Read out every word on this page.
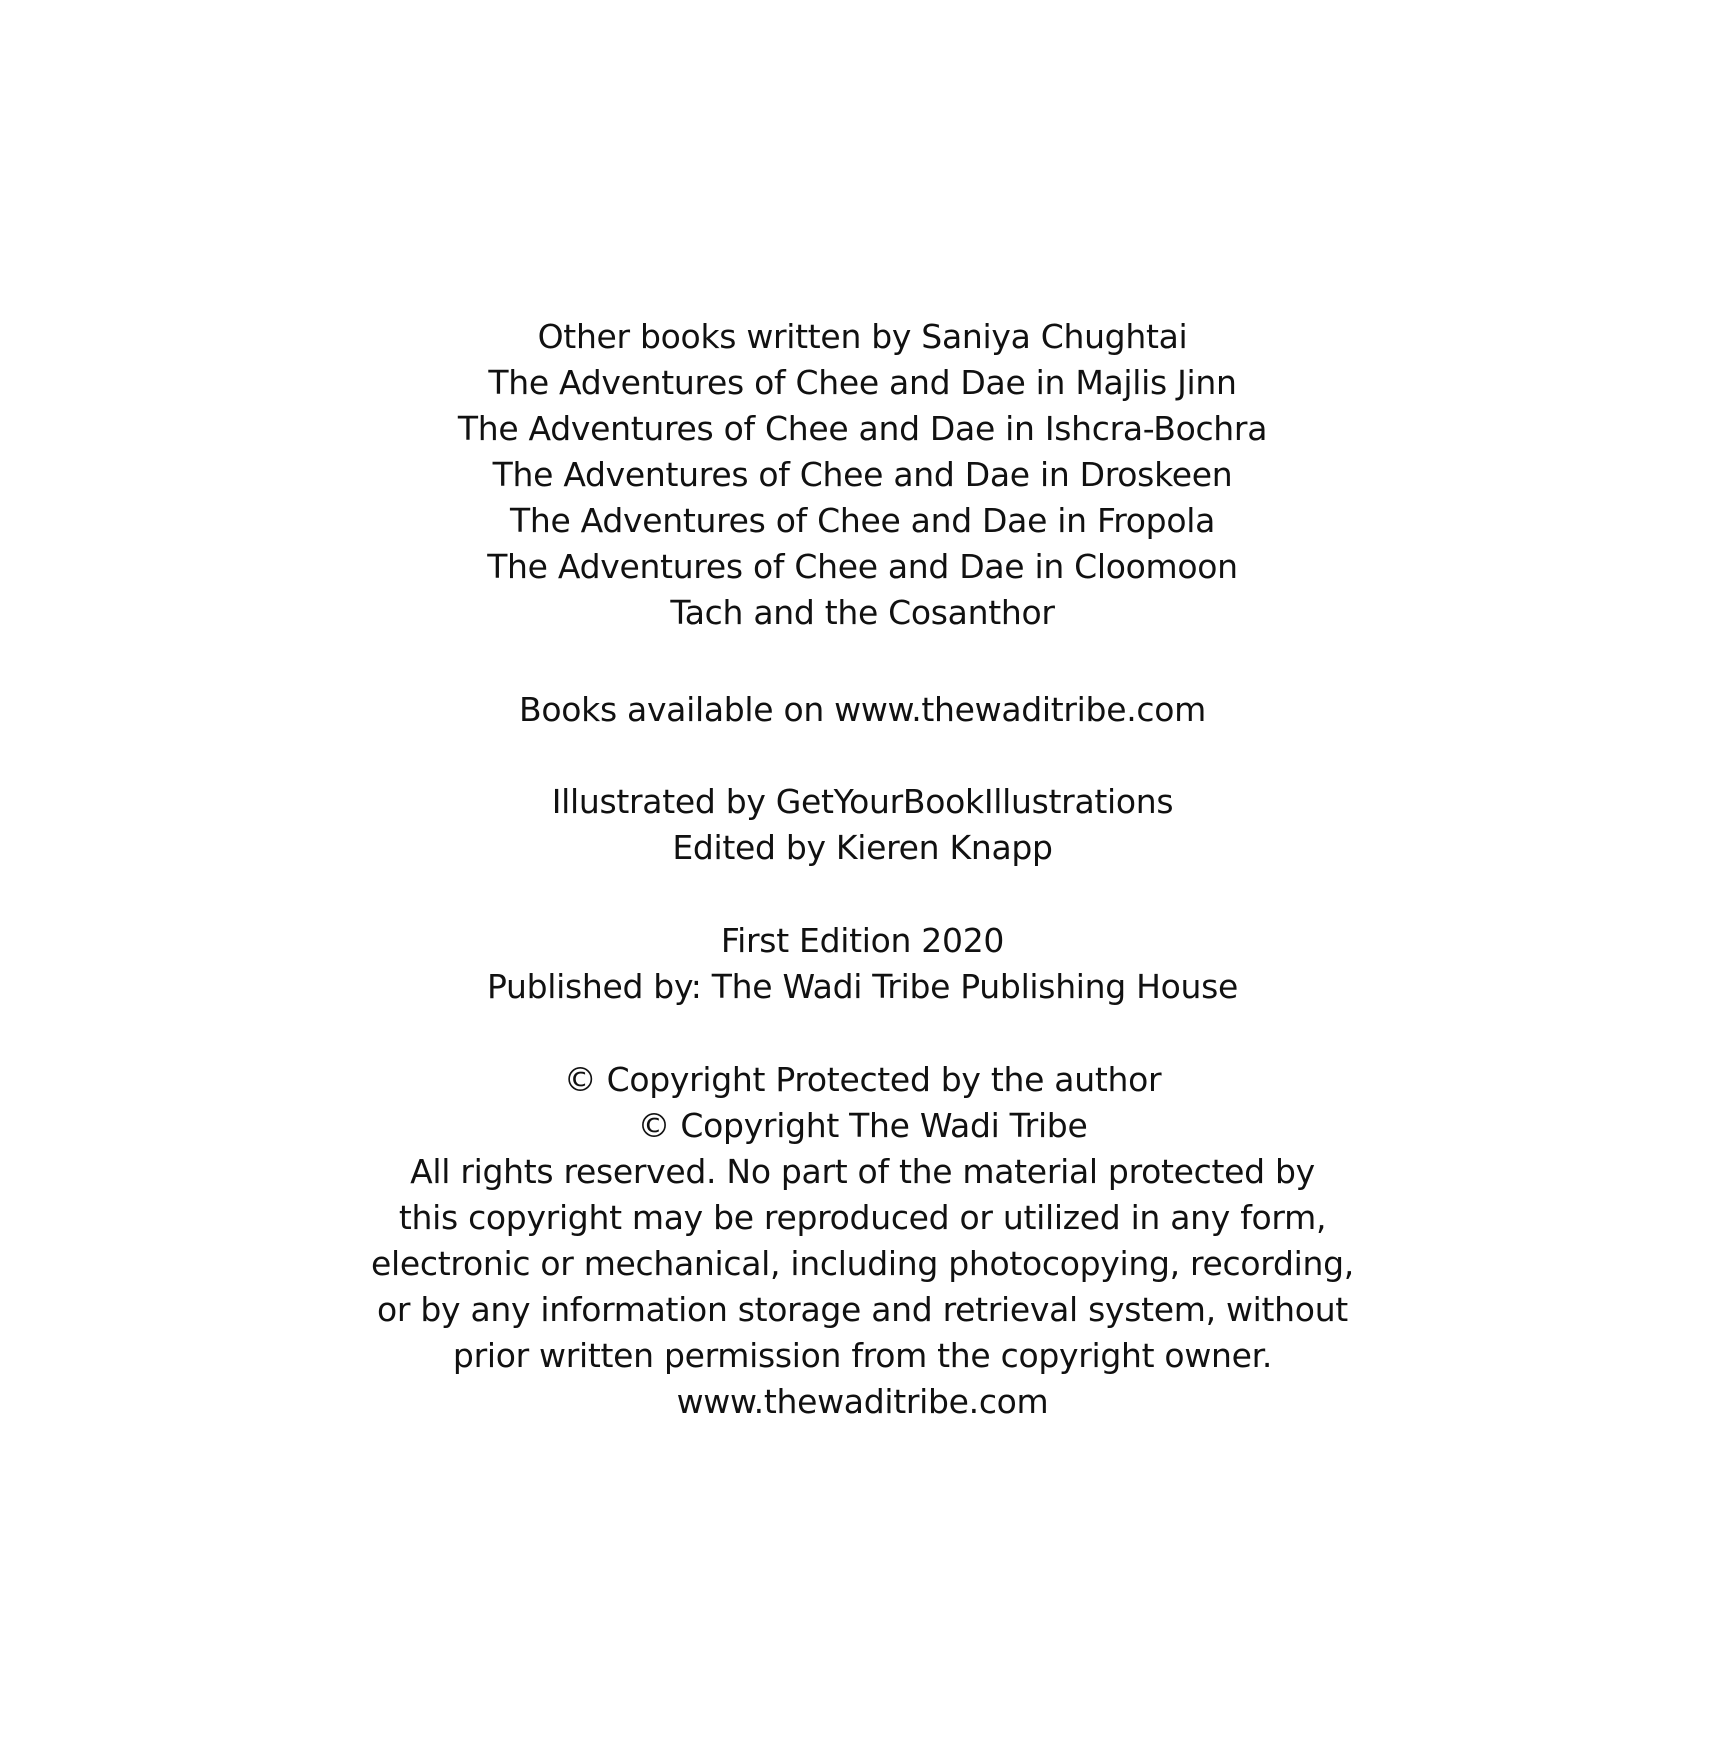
Other books written by Saniya Chughtai
The Adventures of Chee and Dae in Majlis Jinn
The Adventures of Chee and Dae in Ishcra-Bochra
The Adventures of Chee and Dae in Droskeen
The Adventures of Chee and Dae in Fropola
The Adventures of Chee and Dae in Cloomoon
Tach and the Cosanthor
Books available on www.thewaditribe.com
Illustrated by GetYourBookIllustrations
Edited by Kieren Knapp
First Edition 2020
Published by: The Wadi Tribe Publishing House
© Copyright Protected by the author
© Copyright The Wadi Tribe
All rights reserved. No part of the material protected by
this copyright may be reproduced or utilized in any form,
electronic or mechanical, including photocopying, recording,
or by any information storage and retrieval system, without
prior written permission from the copyright owner.
www.thewaditribe.com
